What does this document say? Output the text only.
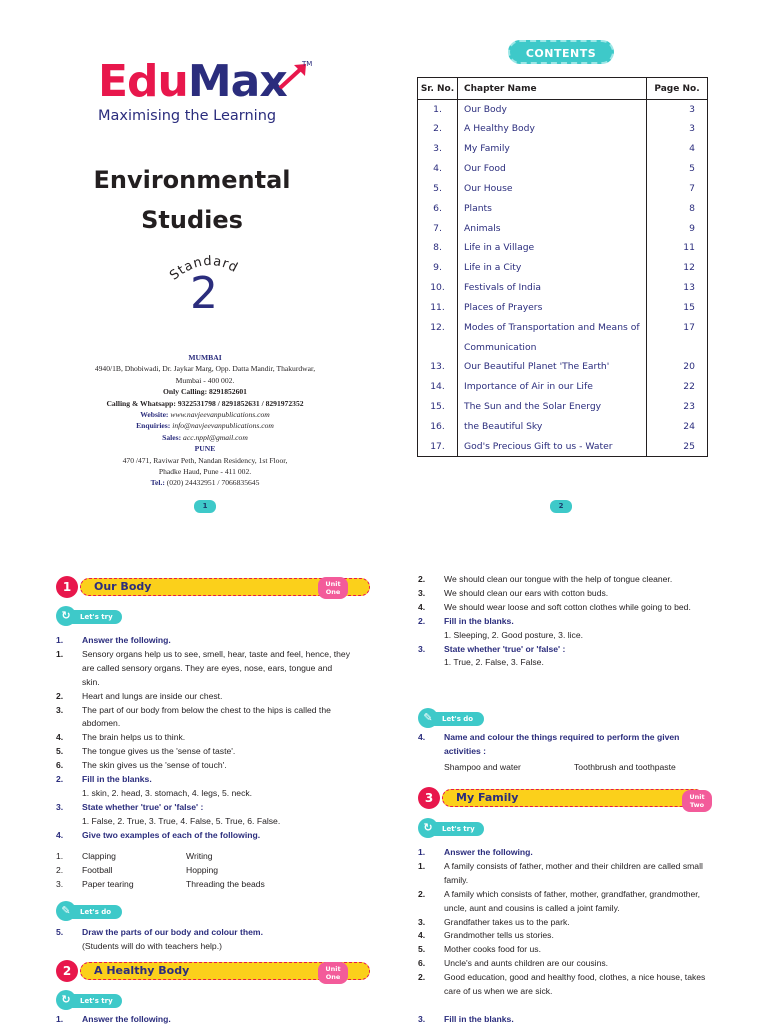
EduMax	TM
Maximising the Learning
Environmental
Studies
Standard
2
MUMBAI
4940/1B, Dhobiwadi, Dr. Jaykar Marg, Opp. Datta Mandir, Thakurdwar,
Mumbai - 400 002.
Only Calling: 8291852601
Calling & Whatsapp: 9322531798 / 8291852631 / 8291972352
Website: www.navjeevanpublications.com
Enquiries: info@navjeevanpublications.com
Sales: acc.nppl@gmail.com
PUNE
470 /471, Raviwar Peth, Nandan Residency, 1st Floor,
Phadke Haud, Pune - 411 002.
Tel.: (020) 24432951 / 7066835645
1
CONTENTS
Sr. No.	Chapter Name	Page No.
1.	Our Body	3
2.	A Healthy Body	3
3.	My Family	4
4.	Our Food	5
5.	Our House	7
6.	Plants	8
7.	Animals	9
8.	Life in a Village	11
9.	Life in a City	12
10.	Festivals of India	13
11.	Places of Prayers	15
12.	Modes of Transportation and Means of	17
	Communication	
13.	Our Beautiful Planet 'The Earth'	20
14.	Importance of Air in our Life	22
15.	The Sun and the Solar Energy	23
16.	the Beautiful Sky	24
17.	God's Precious Gift to us - Water	25
2
1	Our Body	Unit
One
Let's try
↻
1.	Answer the following.
1.	Sensory organs help us to see, smell, hear, taste and feel, hence, they are called sensory organs. They are eyes, nose, ears, tongue and skin.
2.	Heart and lungs are inside our chest.
3.	The part of our body from below the chest to the hips is called the abdomen.
4.	The brain helps us to think.
5.	The tongue gives us the 'sense of taste'.
6.	The skin gives us the 'sense of touch'.
2.	Fill in the blanks.
1. skin, 2. head, 3. stomach, 4. legs, 5. neck.
3.	State whether 'true' or 'false' :
1. False, 2. True, 3. True, 4. False, 5. True, 6. False.
4.	Give two examples of each of the following.
1.	Clapping	Writing
2.	Football	Hopping
3.	Paper tearing	Threading the beads
Let's do
✎
5.	Draw the parts of our body and colour them.
(Students will do with teachers help.)
2	A Healthy Body	Unit
One
Let's try
↻
1.	Answer the following.
2.	We should clean our tongue with the help of tongue cleaner.
3.	We should clean our ears with cotton buds.
4.	We should wear loose and soft cotton clothes while going to bed.
2.	Fill in the blanks.
1. Sleeping, 2. Good posture, 3. lice.
3.	State whether 'true' or 'false' :
1. True, 2. False, 3. False.
Let's do
✎
4.	Name and colour the things required to perform the given activities :
Shampoo and water	Toothbrush and toothpaste
3	My Family	Unit
Two
Let's try
↻
1.	Answer the following.
1.	A family consists of father, mother and their children are called small family.
2.	A family which consists of father, mother, grandfather, grandmother, uncle, aunt and cousins is called a joint family.
3.	Grandfather takes us to the park.
4.	Grandmother tells us stories.
5.	Mother cooks food for us.
6.	Uncle's and aunts children are our cousins.
2.	Good education, good and healthy food, clothes, a nice house, takes care of us when we are sick.
3.	Fill in the blanks.
